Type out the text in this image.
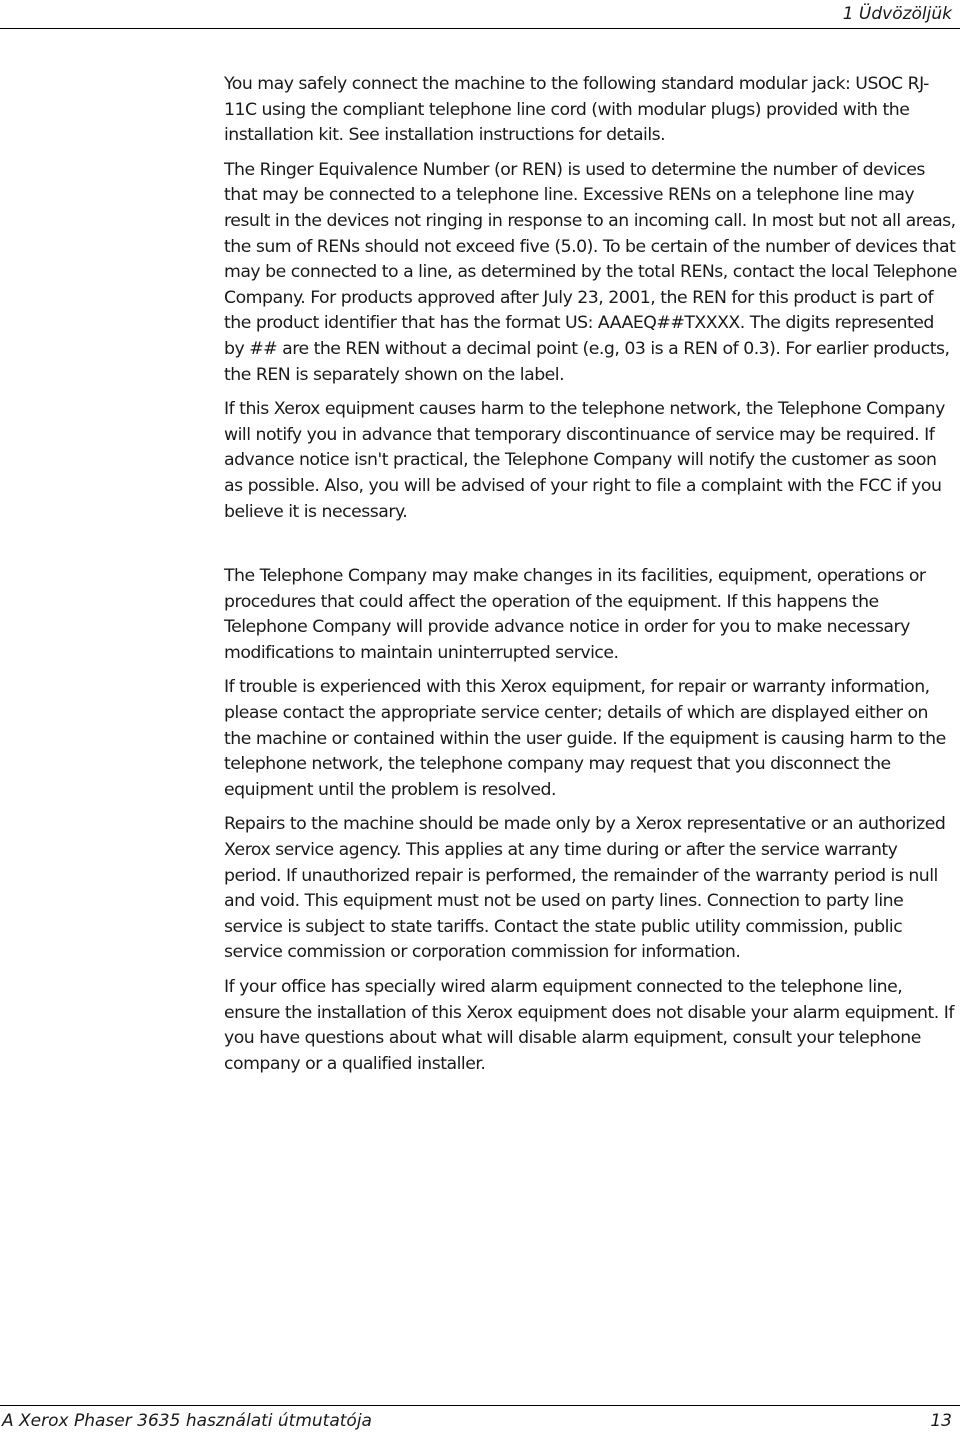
1 Üdvözöljük

You may safely connect the machine to the following standard modular jack: USOC RJ-11C using the compliant telephone line cord (with modular plugs) provided with the installation kit. See installation instructions for details.

The Ringer Equivalence Number (or REN) is used to determine the number of devices that may be connected to a telephone line. Excessive RENs on a telephone line may result in the devices not ringing in response to an incoming call. In most but not all areas, the sum of RENs should not exceed five (5.0). To be certain of the number of devices that may be connected to a line, as determined by the total RENs, contact the local Telephone Company. For products approved after July 23, 2001, the REN for this product is part of the product identifier that has the format US: AAAEQ##TXXXX. The digits represented by ## are the REN without a decimal point (e.g, 03 is a REN of 0.3). For earlier products, the REN is separately shown on the label.

If this Xerox equipment causes harm to the telephone network, the Telephone Company will notify you in advance that temporary discontinuance of service may be required. If advance notice isn't practical, the Telephone Company will notify the customer as soon as possible. Also, you will be advised of your right to file a complaint with the FCC if you believe it is necessary.

The Telephone Company may make changes in its facilities, equipment, operations or procedures that could affect the operation of the equipment. If this happens the Telephone Company will provide advance notice in order for you to make necessary modifications to maintain uninterrupted service.

If trouble is experienced with this Xerox equipment, for repair or warranty information, please contact the appropriate service center; details of which are displayed either on the machine or contained within the user guide. If the equipment is causing harm to the telephone network, the telephone company may request that you disconnect the equipment until the problem is resolved.

Repairs to the machine should be made only by a Xerox representative or an authorized Xerox service agency. This applies at any time during or after the service warranty period. If unauthorized repair is performed, the remainder of the warranty period is null and void. This equipment must not be used on party lines. Connection to party line service is subject to state tariffs. Contact the state public utility commission, public service commission or corporation commission for information.

If your office has specially wired alarm equipment connected to the telephone line, ensure the installation of this Xerox equipment does not disable your alarm equipment. If you have questions about what will disable alarm equipment, consult your telephone company or a qualified installer.

A Xerox Phaser 3635 használati útmutatója	13
